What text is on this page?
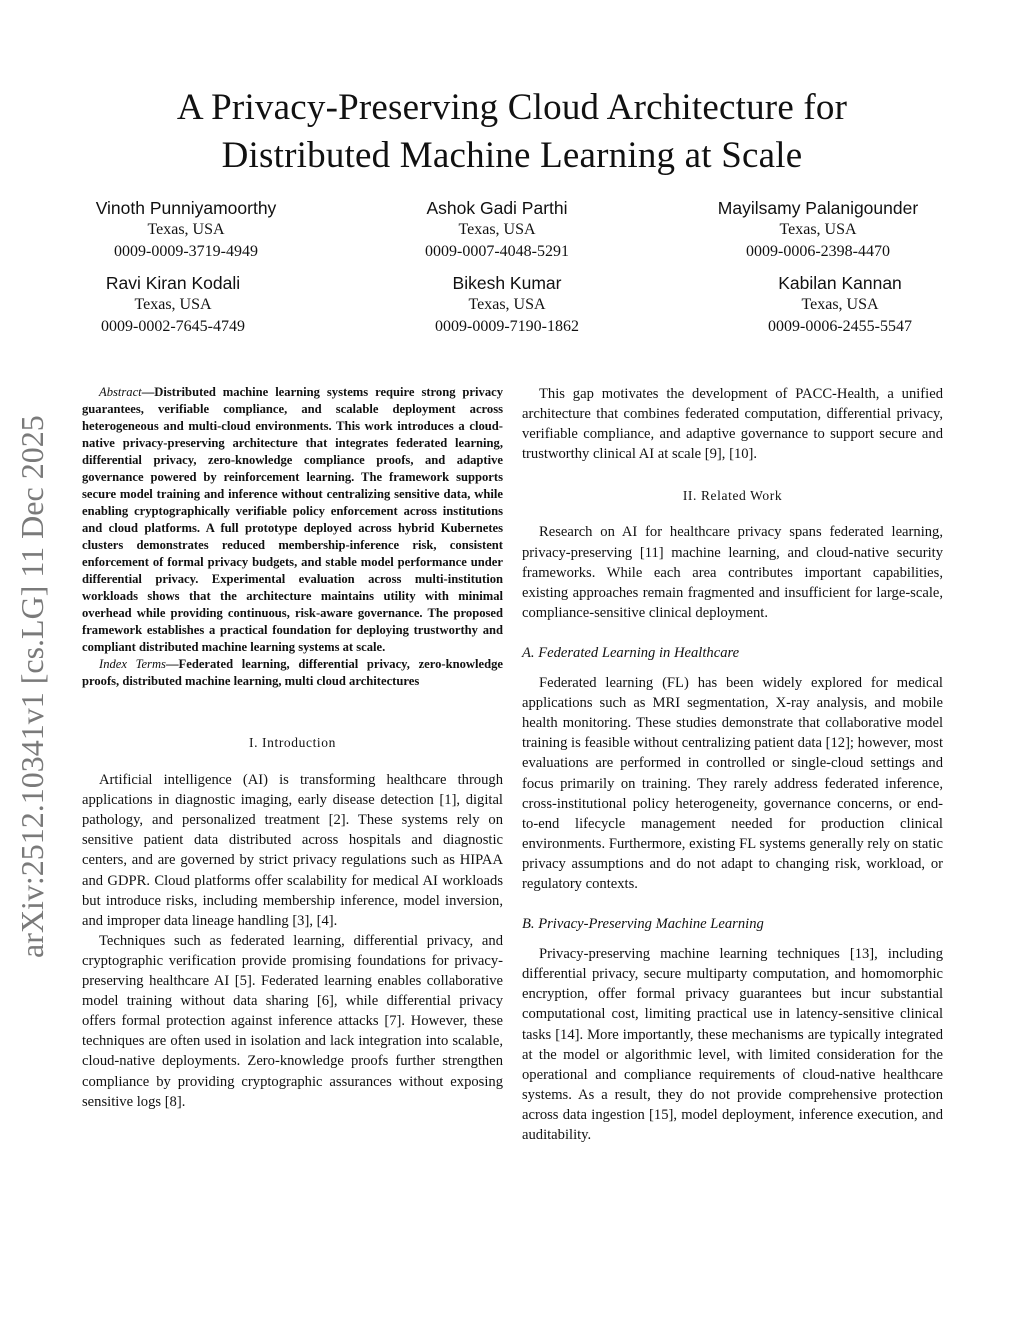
arXiv:2512.10341v1 [cs.LG] 11 Dec 2025
A Privacy-Preserving Cloud Architecture for
Distributed Machine Learning at Scale
Vinoth Punniyamoorthy
Texas, USA
0009-0009-3719-4949
Ashok Gadi Parthi
Texas, USA
0009-0007-4048-5291
Mayilsamy Palanigounder
Texas, USA
0009-0006-2398-4470
Ravi Kiran Kodali
Texas, USA
0009-0002-7645-4749
Bikesh Kumar
Texas, USA
0009-0009-7190-1862
Kabilan Kannan
Texas, USA
0009-0006-2455-5547

Abstract—Distributed machine learning systems require strong privacy guarantees, verifiable compliance, and scalable deployment across heterogeneous and multi-cloud environments. This work introduces a cloud-native privacy-preserving architecture that integrates federated learning, differential privacy, zero-knowledge compliance proofs, and adaptive governance powered by reinforcement learning. The framework supports secure model training and inference without centralizing sensitive data, while enabling cryptographically verifiable policy enforcement across institutions and cloud platforms. A full prototype deployed across hybrid Kubernetes clusters demonstrates reduced membership-inference risk, consistent enforcement of formal privacy budgets, and stable model performance under differential privacy. Experimental evaluation across multi-institution workloads shows that the architecture maintains utility with minimal overhead while providing continuous, risk-aware governance. The proposed framework establishes a practical foundation for deploying trustworthy and compliant distributed machine learning systems at scale.

Index Terms—Federated learning, differential privacy, zero-knowledge proofs, distributed machine learning, multi cloud architectures

I. Introduction

Artificial intelligence (AI) is transforming healthcare through applications in diagnostic imaging, early disease detection [1], digital pathology, and personalized treatment [2]. These systems rely on sensitive patient data distributed across hospitals and diagnostic centers, and are governed by strict privacy regulations such as HIPAA and GDPR. Cloud platforms offer scalability for medical AI workloads but introduce risks, including membership inference, model inversion, and improper data lineage handling [3], [4].

Techniques such as federated learning, differential privacy, and cryptographic verification provide promising foundations for privacy-preserving healthcare AI [5]. Federated learning enables collaborative model training without data sharing [6], while differential privacy offers formal protection against inference attacks [7]. However, these techniques are often used in isolation and lack integration into scalable, cloud-native deployments. Zero-knowledge proofs further strengthen compliance by providing cryptographic assurances without exposing sensitive logs [8].

This gap motivates the development of PACC-Health, a unified architecture that combines federated computation, differential privacy, verifiable compliance, and adaptive governance to support secure and trustworthy clinical AI at scale [9], [10].

II. Related Work

Research on AI for healthcare privacy spans federated learning, privacy-preserving [11] machine learning, and cloud-native security frameworks. While each area contributes important capabilities, existing approaches remain fragmented and insufficient for large-scale, compliance-sensitive clinical deployment.

A. Federated Learning in Healthcare

Federated learning (FL) has been widely explored for medical applications such as MRI segmentation, X-ray analysis, and mobile health monitoring. These studies demonstrate that collaborative model training is feasible without centralizing patient data [12]; however, most evaluations are performed in controlled or single-cloud settings and focus primarily on training. They rarely address federated inference, cross-institutional policy heterogeneity, governance concerns, or end-to-end lifecycle management needed for production clinical environments. Furthermore, existing FL systems generally rely on static privacy assumptions and do not adapt to changing risk, workload, or regulatory contexts.

B. Privacy-Preserving Machine Learning

Privacy-preserving machine learning techniques [13], including differential privacy, secure multiparty computation, and homomorphic encryption, offer formal privacy guarantees but incur substantial computational cost, limiting practical use in latency-sensitive clinical tasks [14]. More importantly, these mechanisms are typically integrated at the model or algorithmic level, with limited consideration for the operational and compliance requirements of cloud-native healthcare systems. As a result, they do not provide comprehensive protection across data ingestion [15], model deployment, inference execution, and auditability.
